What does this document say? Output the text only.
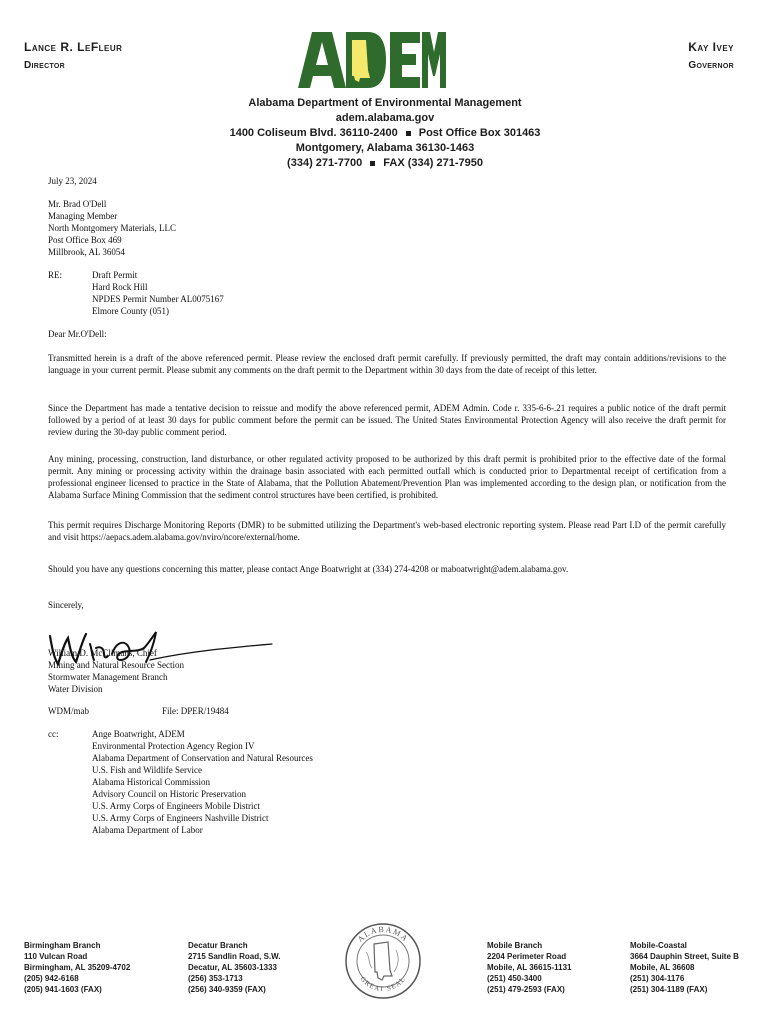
Lance R. LeFleur
Director
ADEM
Kay Ivey
Governor
Alabama Department of Environmental Management
adem.alabama.gov
1400 Coliseum Blvd. 36110-2400 Post Office Box 301463
Montgomery, Alabama 36130-1463
(334) 271-7700 FAX (334) 271-7950
July 23, 2024
Mr. Brad O'Dell
Managing Member
North Montgomery Materials, LLC
Post Office Box 469
Millbrook, AL 36054
RE:	Draft Permit
Hard Rock Hill
NPDES Permit Number AL0075167
Elmore County (051)
Dear Mr.O'Dell:
Transmitted herein is a draft of the above referenced permit. Please review the enclosed draft permit carefully. If previously permitted, the draft may contain additions/revisions to the language in your current permit. Please submit any comments on the draft permit to the Department within 30 days from the date of receipt of this letter.
Since the Department has made a tentative decision to reissue and modify the above referenced permit, ADEM Admin. Code r. 335-6-6-.21 requires a public notice of the draft permit followed by a period of at least 30 days for public comment before the permit can be issued. The United States Environmental Protection Agency will also receive the draft permit for review during the 30-day public comment period.
Any mining, processing, construction, land disturbance, or other regulated activity proposed to be authorized by this draft permit is prohibited prior to the effective date of the formal permit. Any mining or processing activity within the drainage basin associated with each permitted outfall which is conducted prior to Departmental receipt of certification from a professional engineer licensed to practice in the State of Alabama, that the Pollution Abatement/Prevention Plan was implemented according to the design plan, or notification from the Alabama Surface Mining Commission that the sediment control structures have been certified, is prohibited.
This permit requires Discharge Monitoring Reports (DMR) to be submitted utilizing the Department's web-based electronic reporting system. Please read Part I.D of the permit carefully and visit https://aepacs.adem.alabama.gov/nviro/ncore/external/home.
Should you have any questions concerning this matter, please contact Ange Boatwright at (334) 274-4208 or maboatwright@adem.alabama.gov.
Sincerely,
William D. McClimans, Chief
Mining and Natural Resource Section
Stormwater Management Branch
Water Division
WDM/mab	File: DPER/19484
cc:	Ange Boatwright, ADEM
Environmental Protection Agency Region IV
Alabama Department of Conservation and Natural Resources
U.S. Fish and Wildlife Service
Alabama Historical Commission
Advisory Council on Historic Preservation
U.S. Army Corps of Engineers Mobile District
U.S. Army Corps of Engineers Nashville District
Alabama Department of Labor
Birmingham Branch
110 Vulcan Road
Birmingham, AL 35209-4702
(205) 942-6168
(205) 941-1603 (FAX)
Decatur Branch
2715 Sandlin Road, S.W.
Decatur, AL 35603-1333
(256) 353-1713
(256) 340-9359 (FAX)
ALABAMA
GREAT SEAL
Mobile Branch
2204 Perimeter Road
Mobile, AL 36615-1131
(251) 450-3400
(251) 479-2593 (FAX)
Mobile-Coastal
3664 Dauphin Street, Suite B
Mobile, AL 36608
(251) 304-1176
(251) 304-1189 (FAX)
